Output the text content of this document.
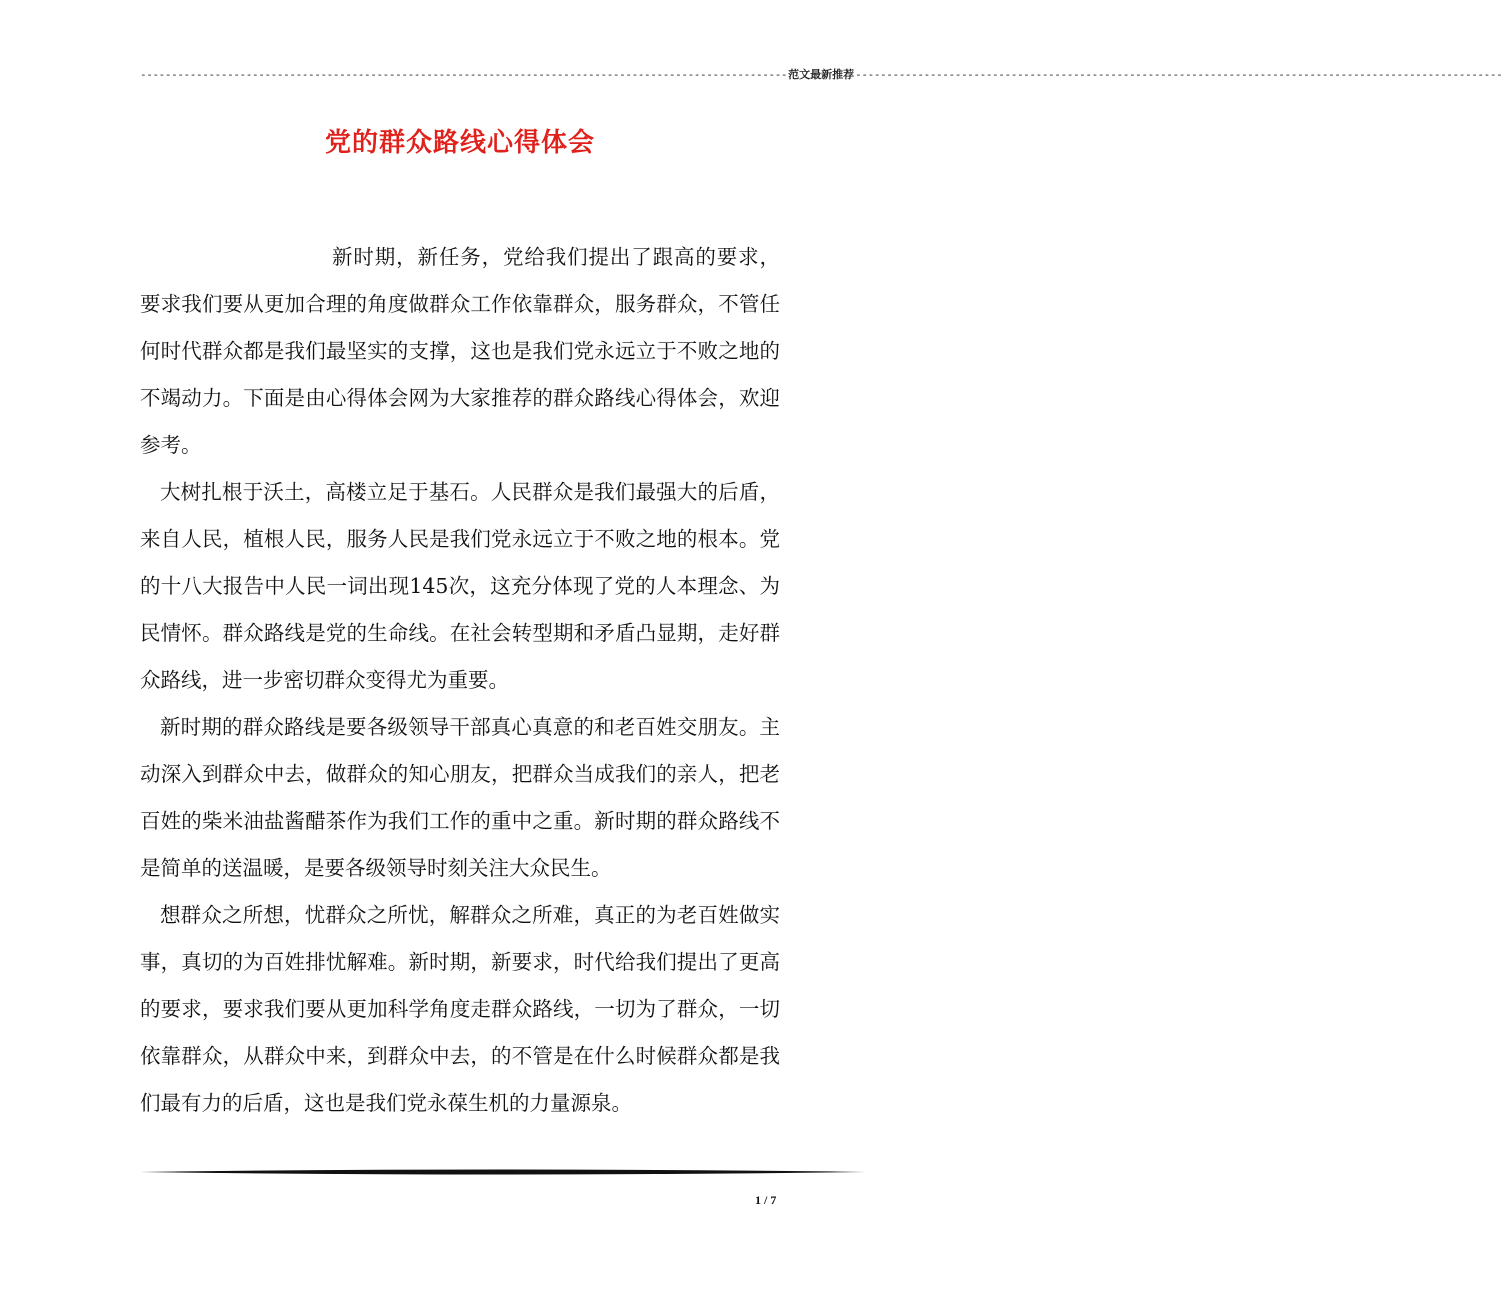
-------------------------------------------------------------------------------------------------------- 范文最新推荐 --------------------------------------------------------------------------------------------------------
党的群众路线心得体会

新时期，新任务，党给我们提出了跟高的要求，要求我们要从更加合理的角度做群众工作依靠群众，服务群众，不管任何时代群众都是我们最坚实的支撑，这也是我们党永远立于不败之地的不竭动力。下面是由心得体会网为大家推荐的群众路线心得体会，欢迎参考。

大树扎根于沃土，高楼立足于基石。人民群众是我们最强大的后盾，来自人民，植根人民，服务人民是我们党永远立于不败之地的根本。党的十八大报告中人民一词出现145次，这充分体现了党的人本理念、为民情怀。群众路线是党的生命线。在社会转型期和矛盾凸显期，走好群众路线，进一步密切群众变得尤为重要。

新时期的群众路线是要各级领导干部真心真意的和老百姓交朋友。主动深入到群众中去，做群众的知心朋友，把群众当成我们的亲人，把老百姓的柴米油盐酱醋茶作为我们工作的重中之重。新时期的群众路线不是简单的送温暖，是要各级领导时刻关注大众民生。

想群众之所想，忧群众之所忧，解群众之所难，真正的为老百姓做实事，真切的为百姓排忧解难。新时期，新要求，时代给我们提出了更高的要求，要求我们要从更加科学角度走群众路线，一切为了群众，一切依靠群众，从群众中来，到群众中去，的不管是在什么时候群众都是我们最有力的后盾，这也是我们党永葆生机的力量源泉。

1 / 7
